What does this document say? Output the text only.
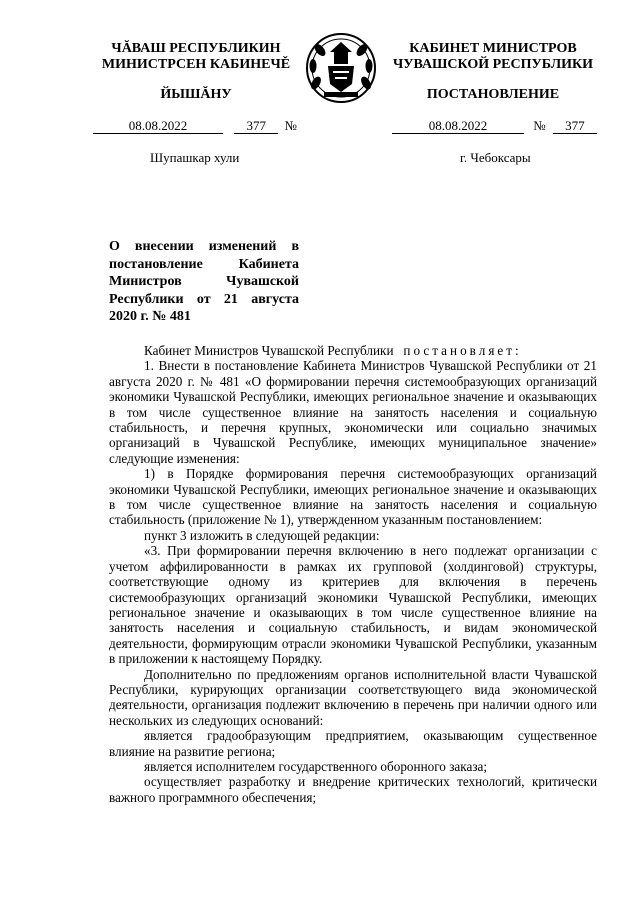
ЧĂВАШ РЕСПУБЛИКИН
МИНИСТРСЕН КАБИНЕЧĚ
КАБИНЕТ МИНИСТРОВ
ЧУВАШСКОЙ РЕСПУБЛИКИ
ЙЫШĂНУ	ПОСТАНОВЛЕНИЕ
08.08.2022	377 №	08.08.2022	№ 377
Шупашкар хули	г. Чебоксары
О внесении изменений в постановление Кабинета Министров Чувашской Республики от 21 августа 2020 г. № 481

Кабинет Министров Чувашской Республики постановляет:

1. Внести в постановление Кабинета Министров Чувашской Республики от 21 августа 2020 г. № 481 «О формировании перечня системообразующих организаций экономики Чувашской Республики, имеющих региональное значение и оказывающих в том числе существенное влияние на занятость населения и социальную стабильность, и перечня крупных, экономически или социально значимых организаций в Чувашской Республике, имеющих муниципальное значение» следующие изменения:

1) в Порядке формирования перечня системообразующих организаций экономики Чувашской Республики, имеющих региональное значение и оказывающих в том числе существенное влияние на занятость населения и социальную стабильность (приложение № 1), утвержденном указанным постановлением:

пункт 3 изложить в следующей редакции:

«3. При формировании перечня включению в него подлежат организации с учетом аффилированности в рамках их групповой (холдинговой) структуры, соответствующие одному из критериев для включения в перечень системообразующих организаций экономики Чувашской Республики, имеющих региональное значение и оказывающих в том числе существенное влияние на занятость населения и социальную стабильность, и видам экономической деятельности, формирующим отрасли экономики Чувашской Республики, указанным в приложении к настоящему Порядку.

Дополнительно по предложениям органов исполнительной власти Чувашской Республики, курирующих организации соответствующего вида экономической деятельности, организация подлежит включению в перечень при наличии одного или нескольких из следующих оснований:

является градообразующим предприятием, оказывающим существенное влияние на развитие региона;

является исполнителем государственного оборонного заказа;

осуществляет разработку и внедрение критических технологий, критически важного программного обеспечения;
